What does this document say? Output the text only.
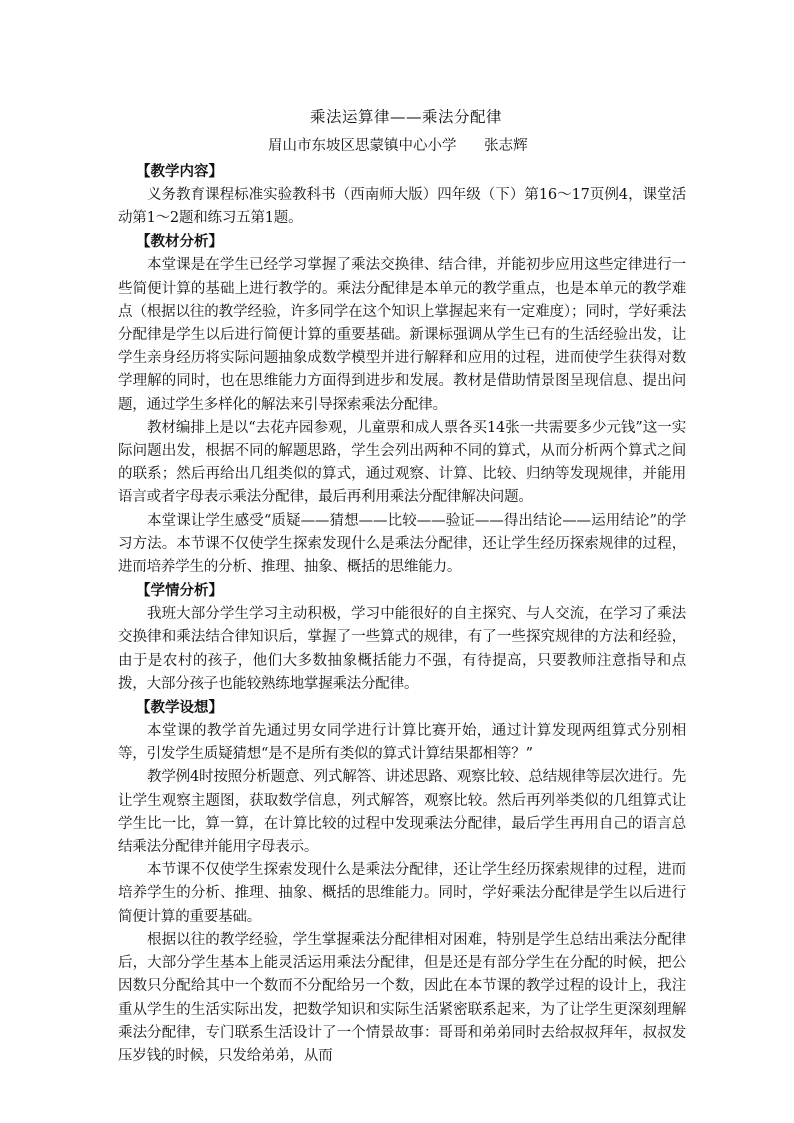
乘法运算律——乘法分配律
眉山市东坡区思蒙镇中心小学      张志辉

【教学内容】

义务教育课程标准实验教科书（西南师大版）四年级（下）第16～17页例4，课堂活动第1～2题和练习五第1题。

【教材分析】

本堂课是在学生已经学习掌握了乘法交换律、结合律，并能初步应用这些定律进行一些简便计算的基础上进行教学的。乘法分配律是本单元的教学重点，也是本单元的教学难点（根据以往的教学经验，许多同学在这个知识上掌握起来有一定难度）；同时，学好乘法分配律是学生以后进行简便计算的重要基础。新课标强调从学生已有的生活经验出发，让学生亲身经历将实际问题抽象成数学模型并进行解释和应用的过程，进而使学生获得对数学理解的同时，也在思维能力方面得到进步和发展。教材是借助情景图呈现信息、提出问题，通过学生多样化的解法来引导探索乘法分配律。

教材编排上是以“去花卉园参观，儿童票和成人票各买14张一共需要多少元钱”这一实际问题出发，根据不同的解题思路，学生会列出两种不同的算式，从而分析两个算式之间的联系；然后再给出几组类似的算式，通过观察、计算、比较、归纳等发现规律，并能用语言或者字母表示乘法分配律，最后再利用乘法分配律解决问题。

本堂课让学生感受“质疑——猜想——比较——验证——得出结论——运用结论”的学习方法。本节课不仅使学生探索发现什么是乘法分配律，还让学生经历探索规律的过程，进而培养学生的分析、推理、抽象、概括的思维能力。

【学情分析】

我班大部分学生学习主动积极，学习中能很好的自主探究、与人交流，在学习了乘法交换律和乘法结合律知识后，掌握了一些算式的规律，有了一些探究规律的方法和经验，由于是农村的孩子，他们大多数抽象概括能力不强，有待提高，只要教师注意指导和点拨，大部分孩子也能较熟练地掌握乘法分配律。

【教学设想】

本堂课的教学首先通过男女同学进行计算比赛开始，通过计算发现两组算式分别相等，引发学生质疑猜想“是不是所有类似的算式计算结果都相等？”

教学例4时按照分析题意、列式解答、讲述思路、观察比较、总结规律等层次进行。先让学生观察主题图，获取数学信息，列式解答，观察比较。然后再列举类似的几组算式让学生比一比，算一算，在计算比较的过程中发现乘法分配律，最后学生再用自己的语言总结乘法分配律并能用字母表示。

本节课不仅使学生探索发现什么是乘法分配律，还让学生经历探索规律的过程，进而培养学生的分析、推理、抽象、概括的思维能力。同时，学好乘法分配律是学生以后进行简便计算的重要基础。

根据以往的教学经验，学生掌握乘法分配律相对困难，特别是学生总结出乘法分配律后，大部分学生基本上能灵活运用乘法分配律，但是还是有部分学生在分配的时候，把公因数只分配给其中一个数而不分配给另一个数，因此在本节课的教学过程的设计上，我注重从学生的生活实际出发，把数学知识和实际生活紧密联系起来，为了让学生更深刻理解乘法分配律，专门联系生活设计了一个情景故事：哥哥和弟弟同时去给叔叔拜年，叔叔发压岁钱的时候，只发给弟弟，从而
